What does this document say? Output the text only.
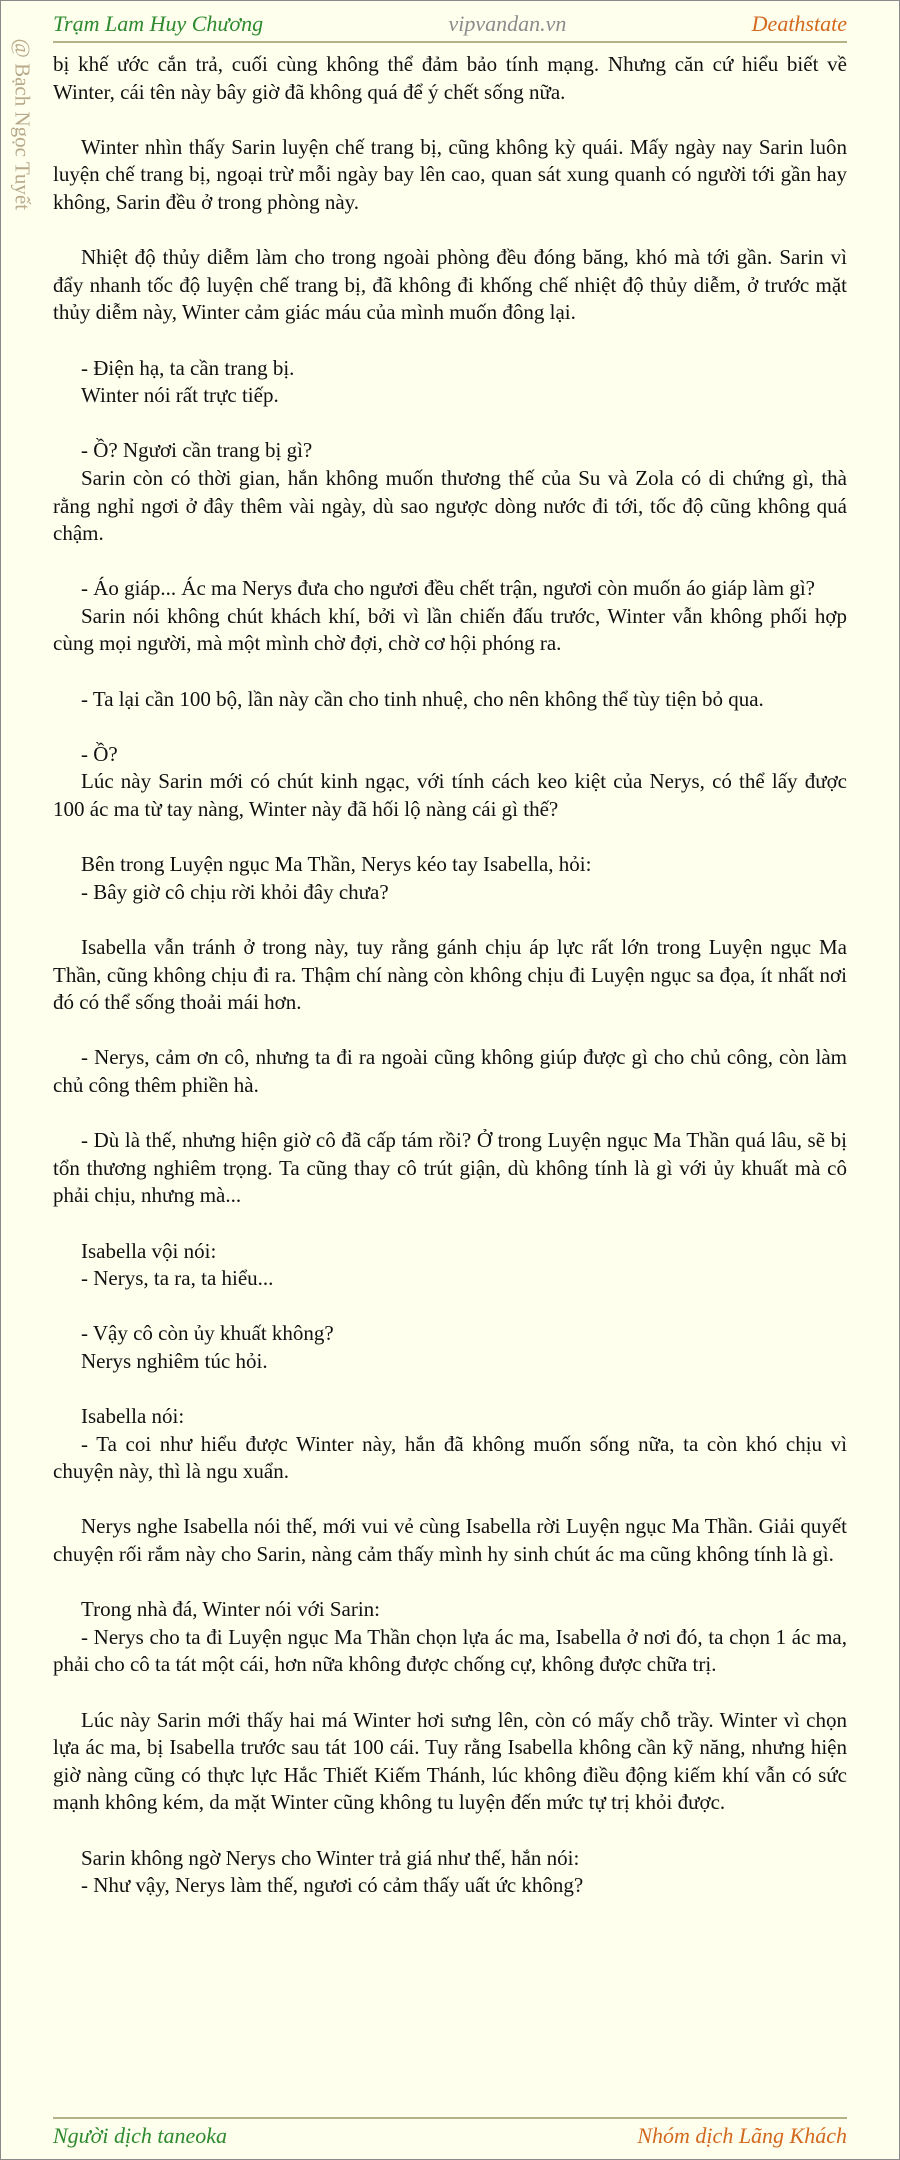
Trạm Lam Huy Chương	vipvandan.vn	Deathstate
@ Bạch Ngọc Tuyết bị khế ước cắn trả, cuối cùng không thể đảm bảo tính mạng. Nhưng căn cứ hiểu biết về Winter, cái tên này bây giờ đã không quá để ý chết sống nữa.

Winter nhìn thấy Sarin luyện chế trang bị, cũng không kỳ quái. Mấy ngày nay Sarin luôn luyện chế trang bị, ngoại trừ mỗi ngày bay lên cao, quan sát xung quanh có người tới gần hay không, Sarin đều ở trong phòng này.

Nhiệt độ thủy diễm làm cho trong ngoài phòng đều đóng băng, khó mà tới gần. Sarin vì đẩy nhanh tốc độ luyện chế trang bị, đã không đi khống chế nhiệt độ thủy diễm, ở trước mặt thủy diễm này, Winter cảm giác máu của mình muốn đông lại.

- Điện hạ, ta cần trang bị.

Winter nói rất trực tiếp.

- Ồ? Ngươi cần trang bị gì?

Sarin còn có thời gian, hắn không muốn thương thế của Su và Zola có di chứng gì, thà rằng nghỉ ngơi ở đây thêm vài ngày, dù sao ngược dòng nước đi tới, tốc độ cũng không quá chậm.

- Áo giáp... Ác ma Nerys đưa cho ngươi đều chết trận, ngươi còn muốn áo giáp làm gì?

Sarin nói không chút khách khí, bởi vì lần chiến đấu trước, Winter vẫn không phối hợp cùng mọi người, mà một mình chờ đợi, chờ cơ hội phóng ra.

- Ta lại cần 100 bộ, lần này cần cho tinh nhuệ, cho nên không thể tùy tiện bỏ qua.

- Ồ?

Lúc này Sarin mới có chút kinh ngạc, với tính cách keo kiệt của Nerys, có thể lấy được 100 ác ma từ tay nàng, Winter này đã hối lộ nàng cái gì thế?

Bên trong Luyện ngục Ma Thần, Nerys kéo tay Isabella, hỏi:

- Bây giờ cô chịu rời khỏi đây chưa?

Isabella vẫn tránh ở trong này, tuy rằng gánh chịu áp lực rất lớn trong Luyện ngục Ma Thần, cũng không chịu đi ra. Thậm chí nàng còn không chịu đi Luyện ngục sa đọa, ít nhất nơi đó có thể sống thoải mái hơn.

- Nerys, cảm ơn cô, nhưng ta đi ra ngoài cũng không giúp được gì cho chủ công, còn làm chủ công thêm phiền hà.

- Dù là thế, nhưng hiện giờ cô đã cấp tám rồi? Ở trong Luyện ngục Ma Thần quá lâu, sẽ bị tổn thương nghiêm trọng. Ta cũng thay cô trút giận, dù không tính là gì với ủy khuất mà cô phải chịu, nhưng mà...

Isabella vội nói:

- Nerys, ta ra, ta hiểu...

- Vậy cô còn ủy khuất không?

Nerys nghiêm túc hỏi.

Isabella nói:

- Ta coi như hiểu được Winter này, hắn đã không muốn sống nữa, ta còn khó chịu vì chuyện này, thì là ngu xuẩn.

Nerys nghe Isabella nói thế, mới vui vẻ cùng Isabella rời Luyện ngục Ma Thần. Giải quyết chuyện rối rắm này cho Sarin, nàng cảm thấy mình hy sinh chút ác ma cũng không tính là gì.

Trong nhà đá, Winter nói với Sarin:

- Nerys cho ta đi Luyện ngục Ma Thần chọn lựa ác ma, Isabella ở nơi đó, ta chọn 1 ác ma, phải cho cô ta tát một cái, hơn nữa không được chống cự, không được chữa trị.

Lúc này Sarin mới thấy hai má Winter hơi sưng lên, còn có mấy chỗ trầy. Winter vì chọn lựa ác ma, bị Isabella trước sau tát 100 cái. Tuy rằng Isabella không cần kỹ năng, nhưng hiện giờ nàng cũng có thực lực Hắc Thiết Kiếm Thánh, lúc không điều động kiếm khí vẫn có sức mạnh không kém, da mặt Winter cũng không tu luyện đến mức tự trị khỏi được.

Sarin không ngờ Nerys cho Winter trả giá như thế, hắn nói:

- Như vậy, Nerys làm thế, ngươi có cảm thấy uất ức không?

Người dịch taneoka	Nhóm dịch Lãng Khách
